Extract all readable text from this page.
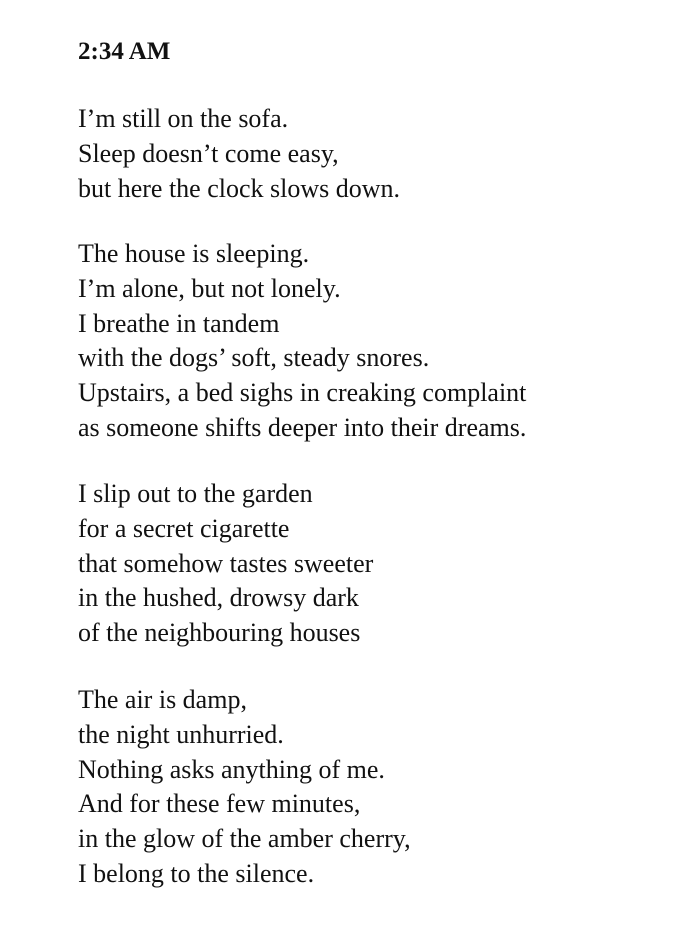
2:34 AM
I’m still on the sofa.
Sleep doesn’t come easy,
but here the clock slows down.
The house is sleeping.
I’m alone, but not lonely.
I breathe in tandem
with the dogs’ soft, steady snores.
Upstairs, a bed sighs in creaking complaint
as someone shifts deeper into their dreams.
I slip out to the garden
for a secret cigarette
that somehow tastes sweeter
in the hushed, drowsy dark
of the neighbouring houses
The air is damp,
the night unhurried.
Nothing asks anything of me.
And for these few minutes,
in the glow of the amber cherry,
I belong to the silence.
